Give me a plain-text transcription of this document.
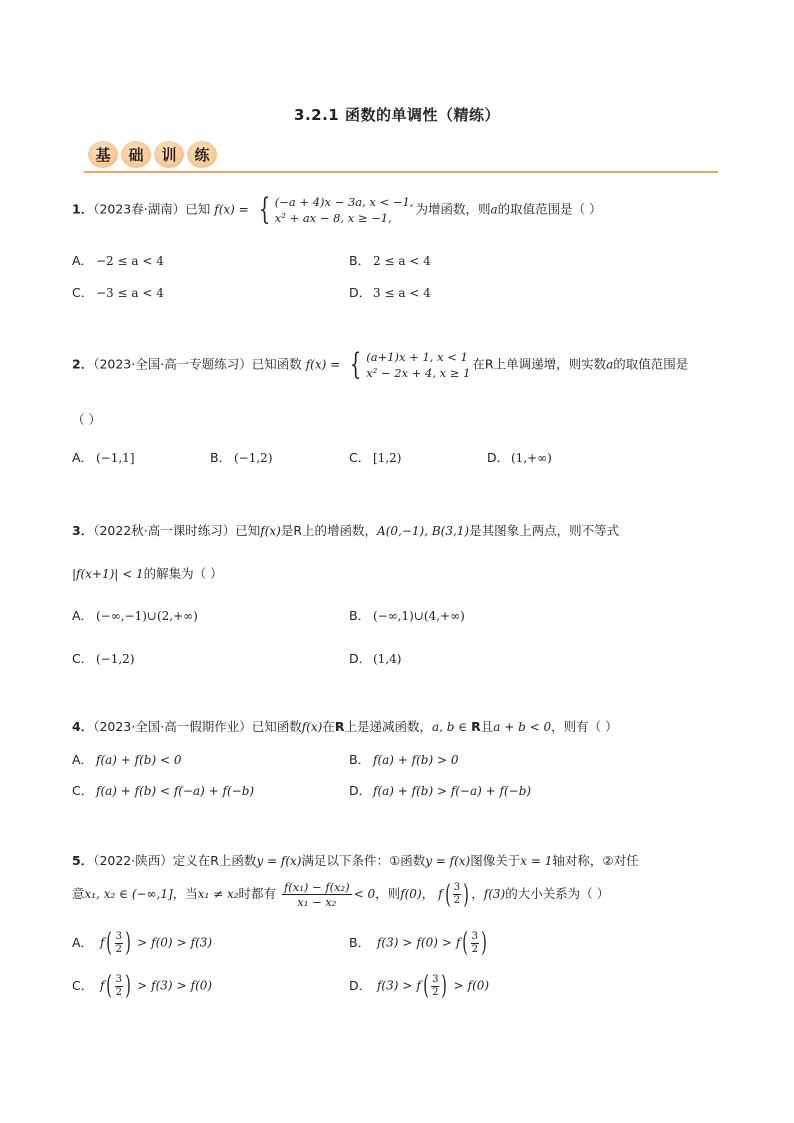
3.2.1 函数的单调性（精练）
基	础	训	练
1．（2023春·湖南）已知 f(x) = { (−a + 4)x − 3a, x < −1,
x² + ax − 8, x ≥ −1,
为增函数，则a的取值范围是（ ）
A． −2 ≤ a < 4	B． 2 ≤ a < 4
C． −3 ≤ a < 4	D． 3 ≤ a < 4
2．（2023·全国·高一专题练习）已知函数 f(x) = { (a+1)x + 1, x < 1
x² − 2x + 4, x ≥ 1
在R上单调递增，则实数a的取值范围是
（ ）
A． (−1,1]	B． (−1,2)	C． [1,2)	D． (1,+∞)
3．（2022秋·高一课时练习）已知f(x)是R上的增函数，A(0,−1), B(3,1)是其图象上两点，则不等式
|f(x+1)| < 1的解集为（ ）
A． (−∞,−1)∪(2,+∞)	B． (−∞,1)∪(4,+∞)
C． (−1,2)	D． (1,4)
4．（2023·全国·高一假期作业）已知函数f(x)在R上是递减函数，a, b ∈ R且a + b < 0，则有（ ）
A． f(a) + f(b) < 0	B． f(a) + f(b) > 0
C． f(a) + f(b) < f(−a) + f(−b)	D． f(a) + f(b) > f(−a) + f(−b)
5．（2022·陕西）定义在R上函数y = f(x)满足以下条件：①函数y = f(x)图像关于x = 1轴对称，②对任
意x₁, x₂ ∈ (−∞,1]，当x₁ ≠ x₂时都有 $\frac{\text{f(x₁) − f(x₂)}}{\text{x₁ − x₂}} < 0$，则f(0)， $f( \frac{3}{2}$ ) ，f(3)的大小关系为（ ）
A． $f( \frac{3}{2}$ ) > f(0) > f(3)	B． $f(3) > f(0) > f( \frac{3}{2}$ )
C． $f( \frac{3}{2}$ ) > f(3) > f(0)	D． $f(3) > f( \frac{3}{2}$ ) > f(0)
